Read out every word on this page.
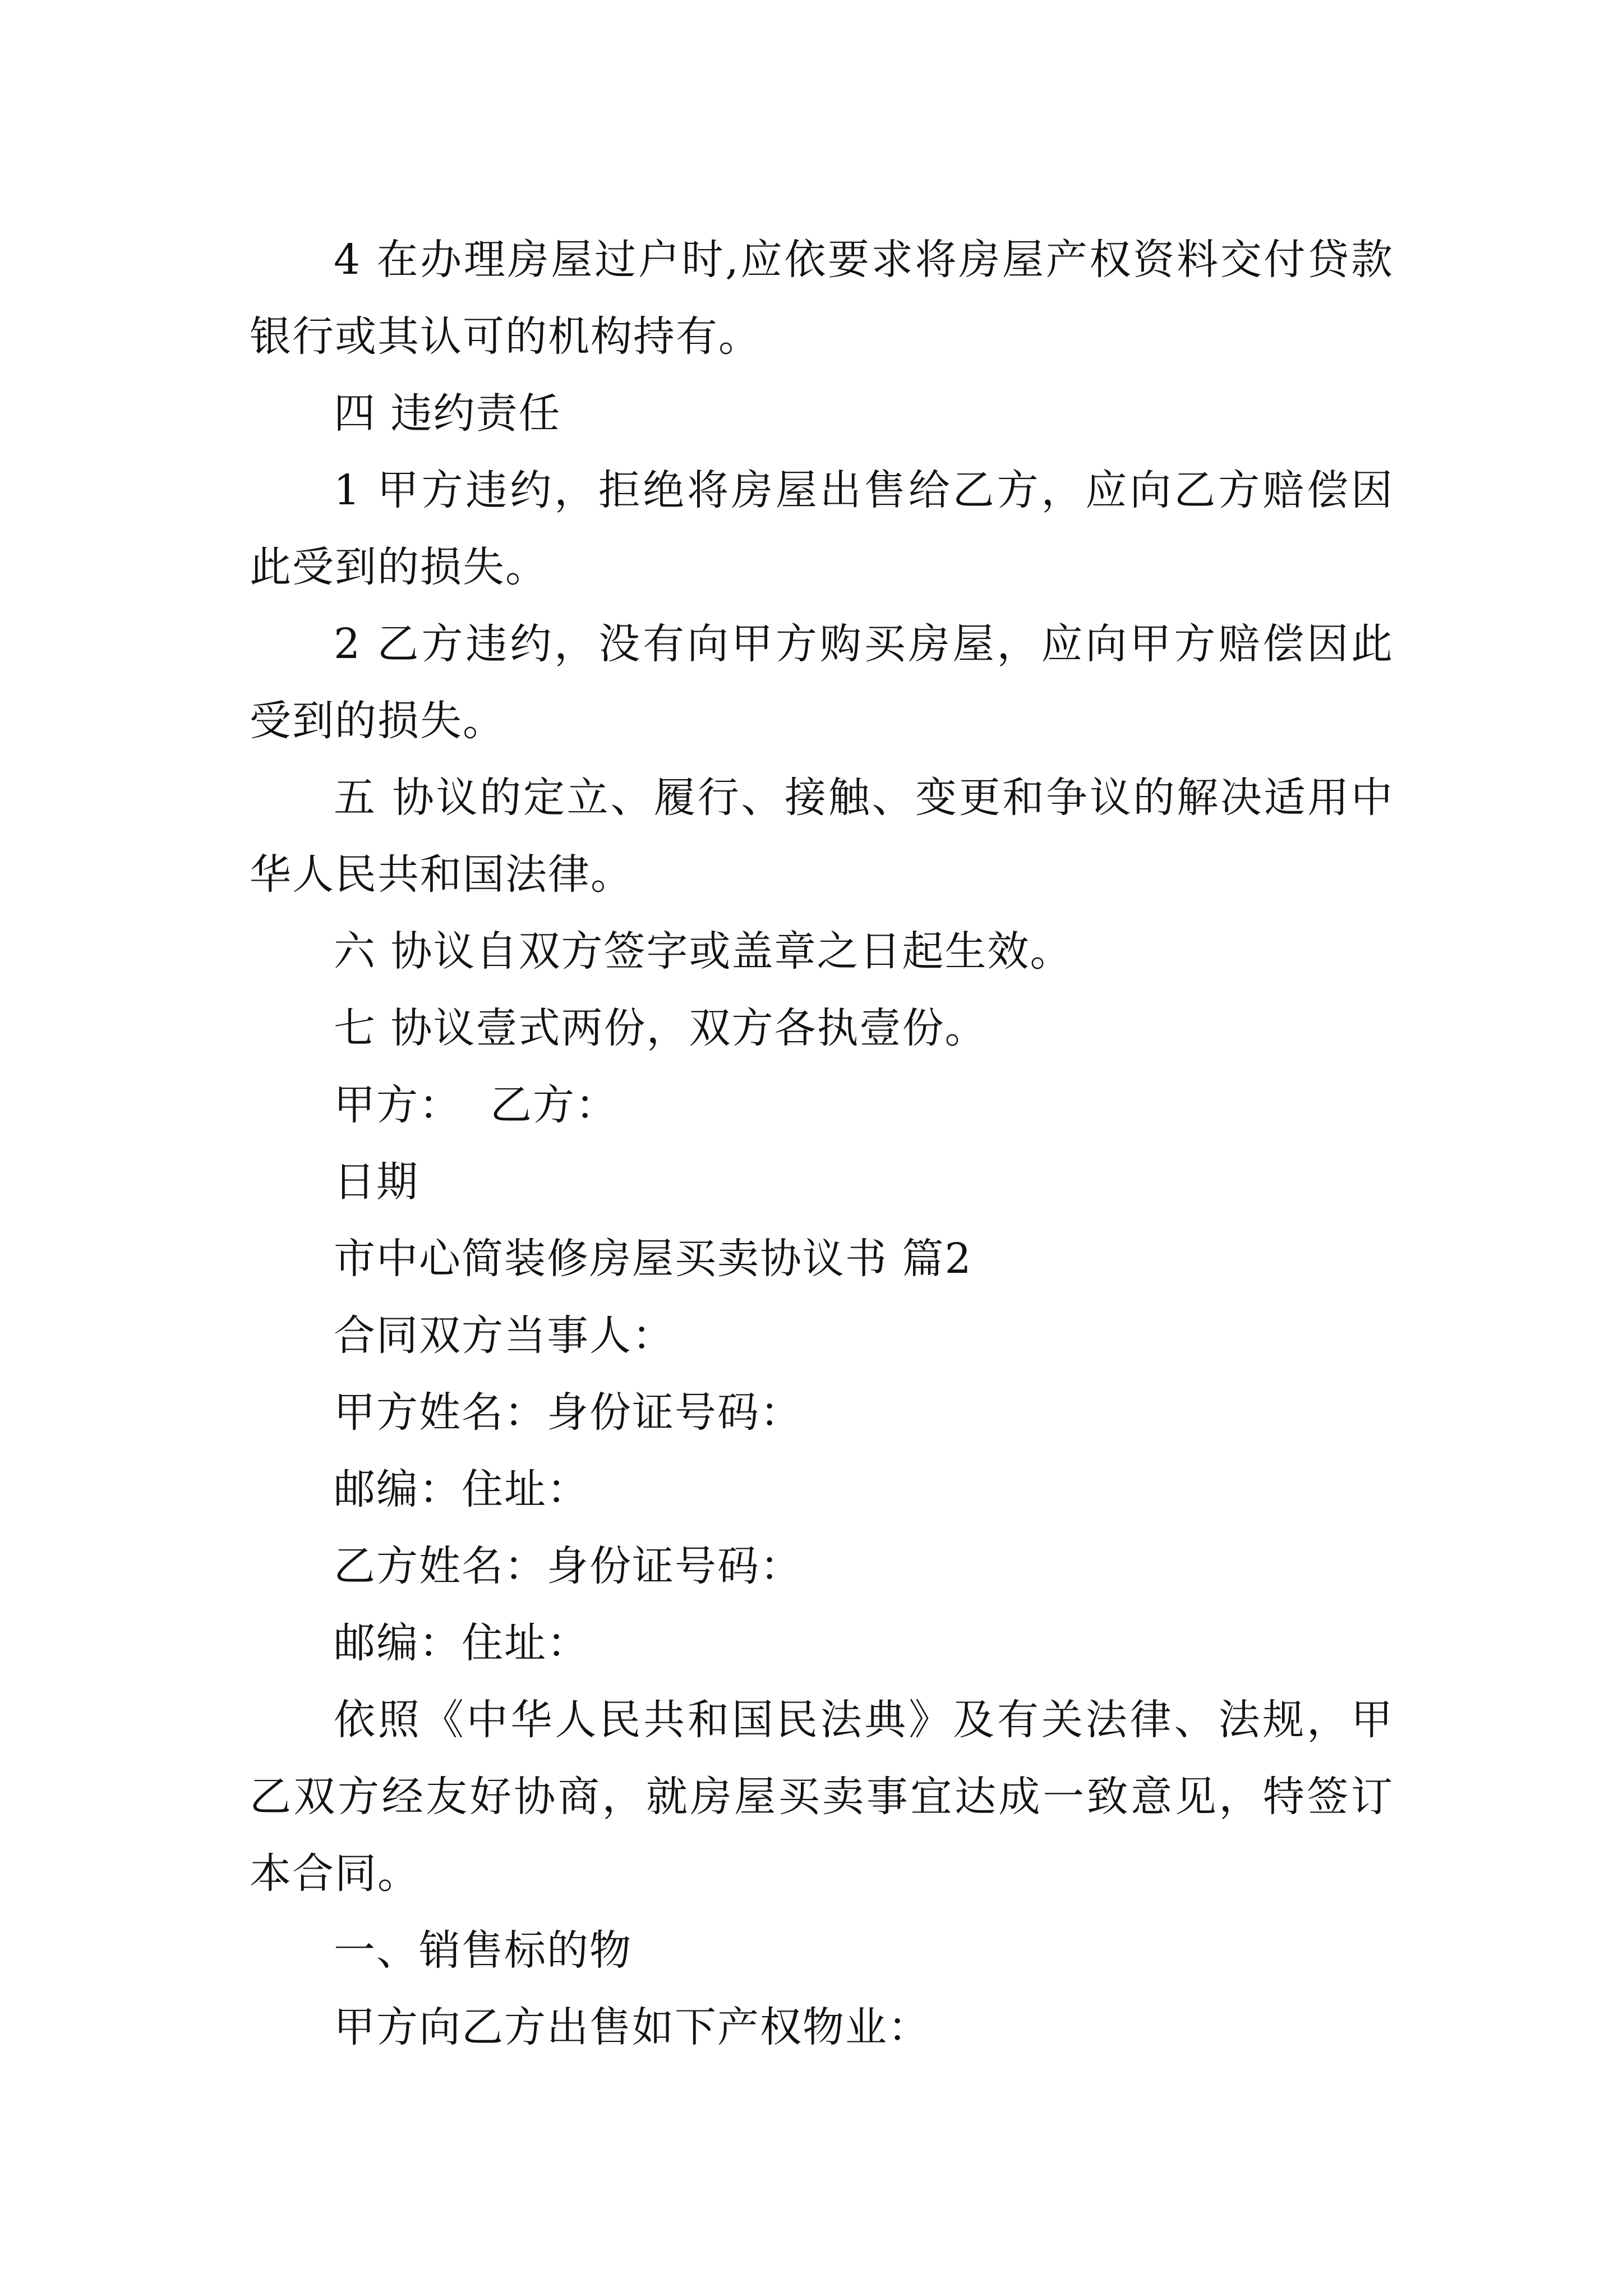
4 在办理房屋过户时,应依要求将房屋产权资料交付贷款银行或其认可的机构持有。

四 违约责任

1 甲方违约，拒绝将房屋出售给乙方，应向乙方赔偿因此受到的损失。

2 乙方违约，没有向甲方购买房屋，应向甲方赔偿因此受到的损失。

五 协议的定立、履行、接触、变更和争议的解决适用中华人民共和国法律。

六 协议自双方签字或盖章之日起生效。

七 协议壹式两份，双方各执壹份。

甲方：  乙方：

日期

市中心简装修房屋买卖协议书 篇2

合同双方当事人：

甲方姓名：身份证号码：

邮编：住址：

乙方姓名：身份证号码：

邮编：住址：

依照《中华人民共和国民法典》及有关法律、法规，甲乙双方经友好协商，就房屋买卖事宜达成一致意见，特签订本合同。

一、销售标的物

甲方向乙方出售如下产权物业：
